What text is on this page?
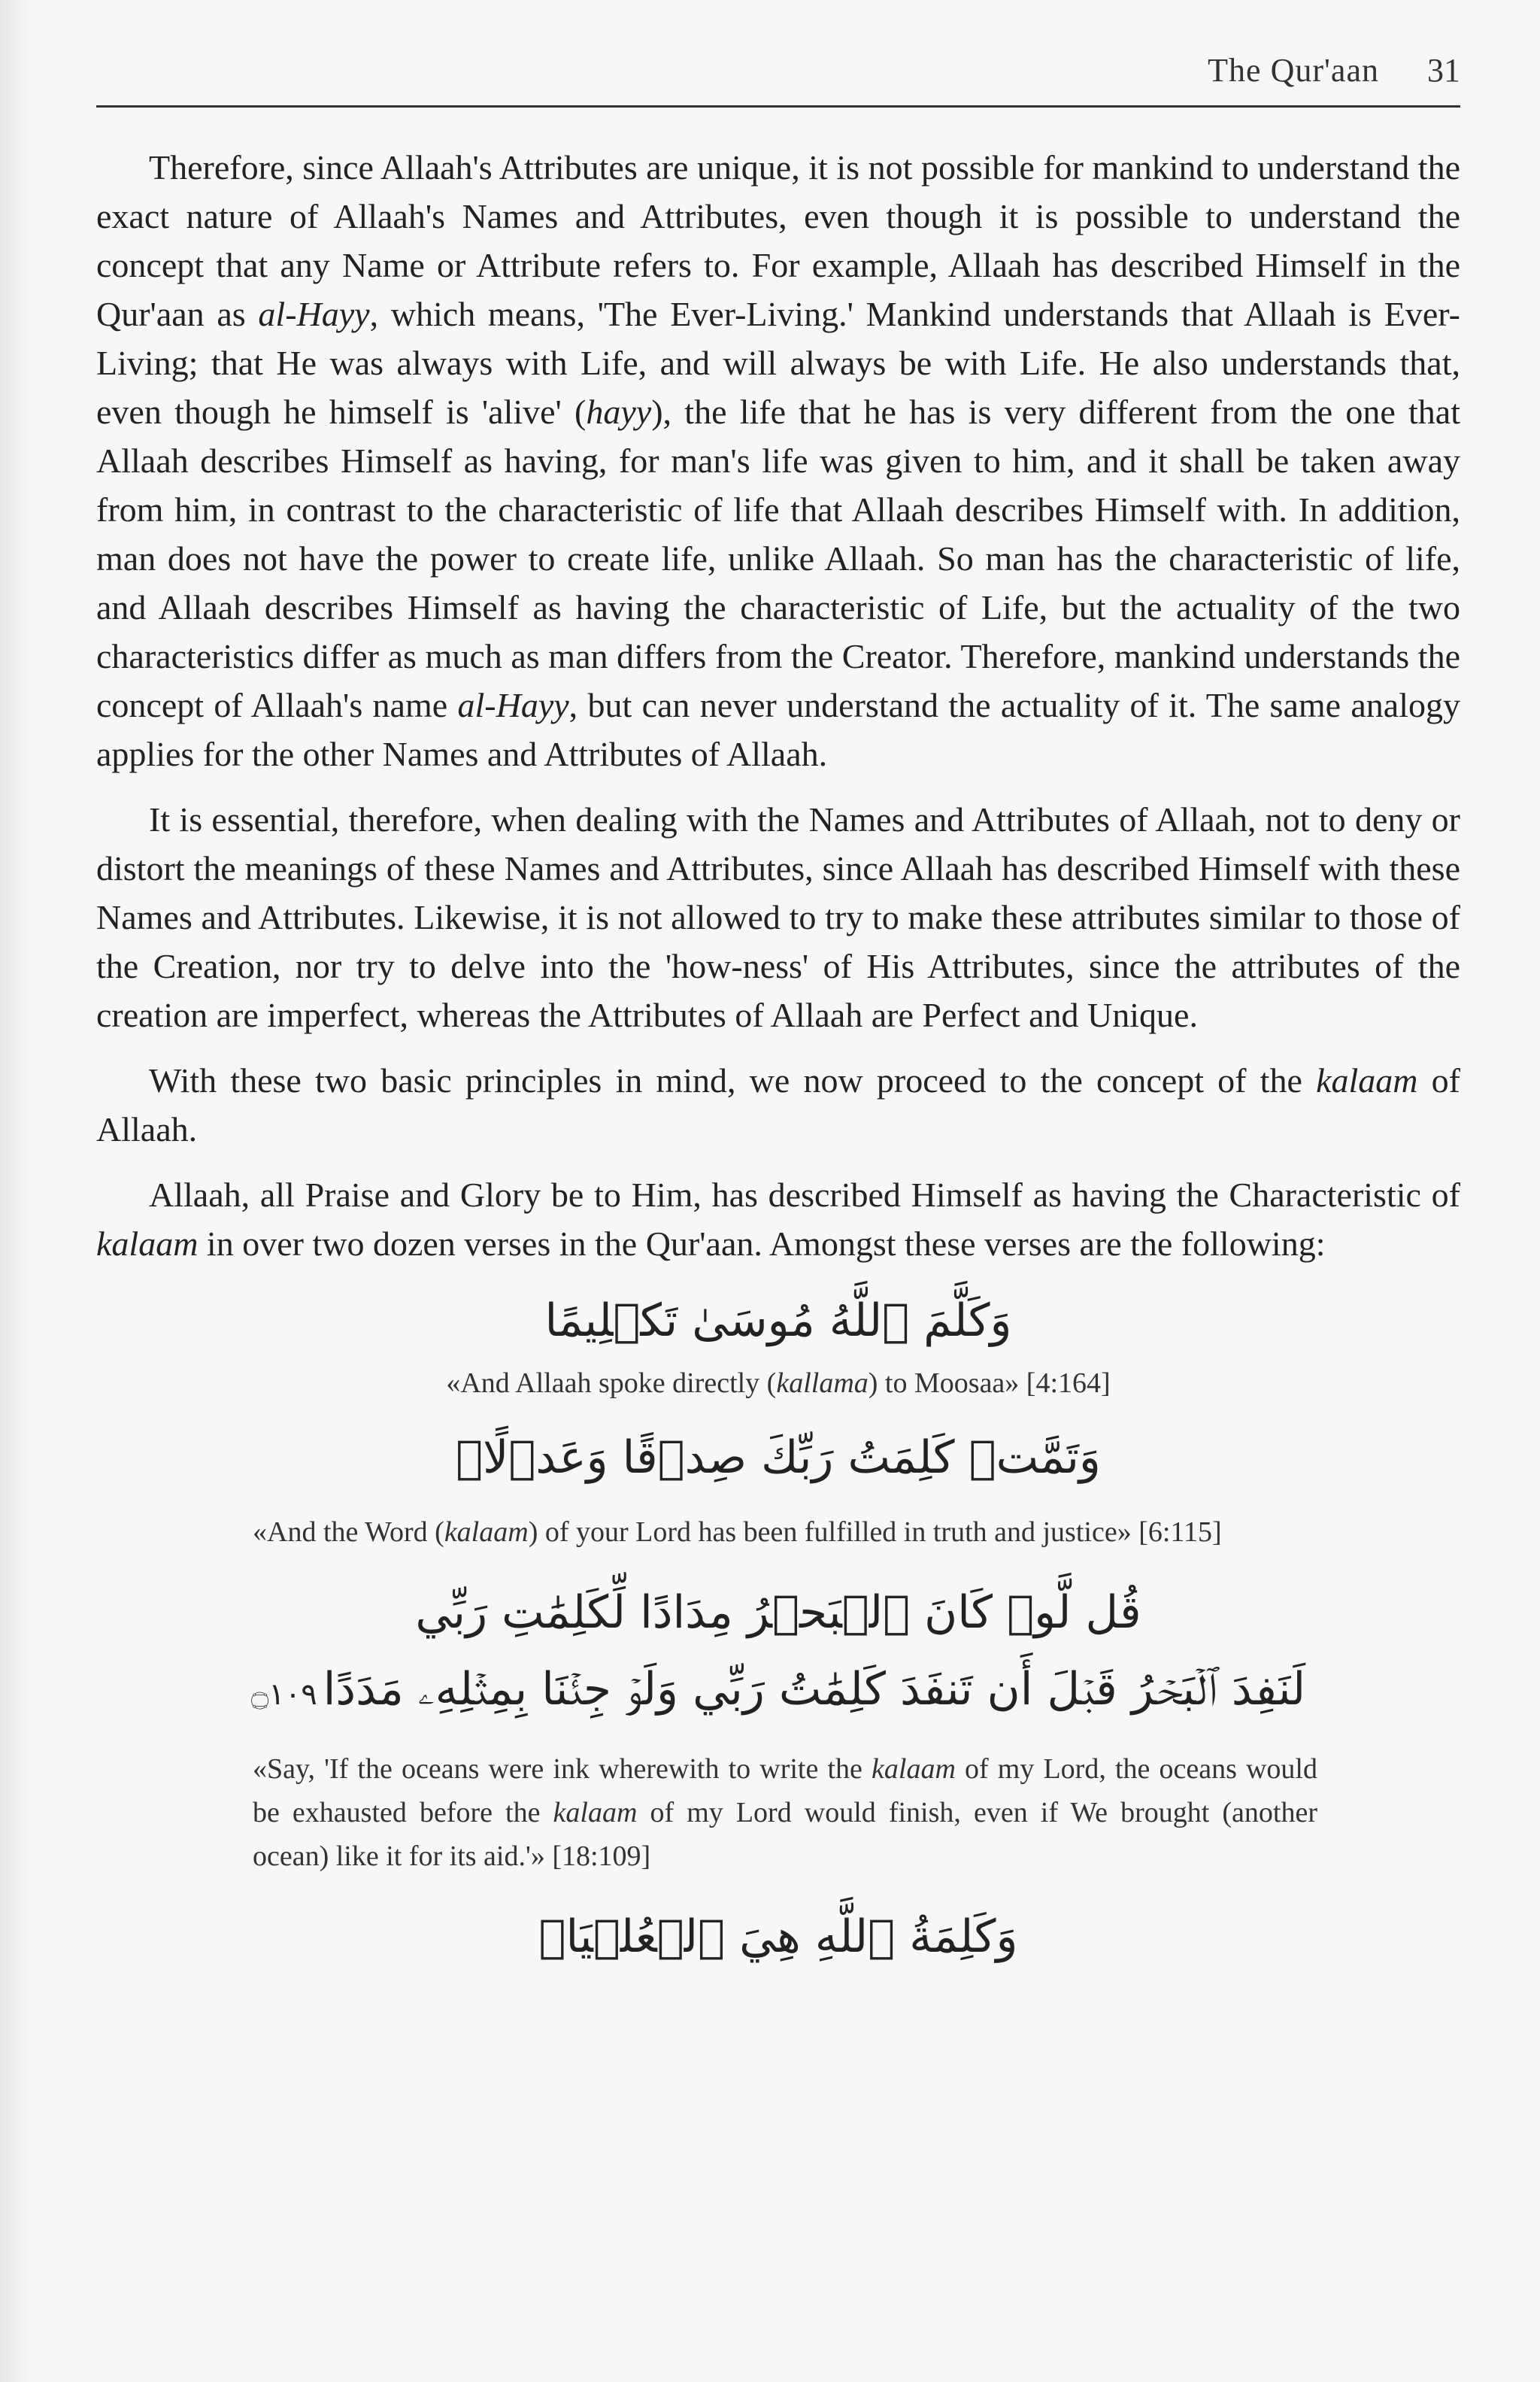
The Qur'aan 31

Therefore, since Allaah's Attributes are unique, it is not possible for mankind to understand the exact nature of Allaah's Names and Attributes, even though it is possible to understand the concept that any Name or Attribute refers to. For example, Allaah has described Himself in the Qur'aan as al-Hayy, which means, 'The Ever-Living.' Mankind understands that Allaah is Ever-Living; that He was always with Life, and will always be with Life. He also understands that, even though he himself is 'alive' (hayy), the life that he has is very different from the one that Allaah describes Himself as having, for man's life was given to him, and it shall be taken away from him, in contrast to the characteristic of life that Allaah describes Himself with. In addition, man does not have the power to create life, unlike Allaah. So man has the characteristic of life, and Allaah describes Himself as having the characteristic of Life, but the actuality of the two characteristics differ as much as man differs from the Creator. Therefore, mankind understands the concept of Allaah's name al-Hayy, but can never understand the actuality of it. The same analogy applies for the other Names and Attributes of Allaah.

It is essential, therefore, when dealing with the Names and Attributes of Allaah, not to deny or distort the meanings of these Names and Attributes, since Allaah has described Himself with these Names and Attributes. Likewise, it is not allowed to try to make these attributes similar to those of the Creation, nor try to delve into the 'how-ness' of His Attributes, since the attributes of the creation are imperfect, whereas the Attributes of Allaah are Perfect and Unique.

With these two basic principles in mind, we now proceed to the concept of the kalaam of Allaah.

Allaah, all Praise and Glory be to Him, has described Himself as having the Characteristic of kalaam in over two dozen verses in the Qur'aan. Amongst these verses are the following:

وَكَلَّمَ ٱللَّهُ مُوسَىٰ تَكۡلِيمًا
«And Allaah spoke directly (kallama) to Moosaa» [4:164]
وَتَمَّتۡ كَلِمَتُ رَبِّكَ صِدۡقًا وَعَدۡلًاۚ
«And the Word (kalaam) of your Lord has been fulfilled in truth and justice» [6:115]
قُل لَّوۡ كَانَ ٱلۡبَحۡرُ مِدَادًا لِّكَلِمَٰتِ رَبِّي
لَنَفِدَ ٱلۡبَحۡرُ قَبۡلَ أَن تَنفَدَ كَلِمَٰتُ رَبِّي وَلَوۡ جِئۡنَا بِمِثۡلِهِۦ مَدَدًا۝١٠٩
«Say, 'If the oceans were ink wherewith to write the kalaam of my Lord, the oceans would be exhausted before the kalaam of my Lord would finish, even if We brought (another ocean) like it for its aid.'» [18:109]
وَكَلِمَةُ ٱللَّهِ هِيَ ٱلۡعُلۡيَاۗ
